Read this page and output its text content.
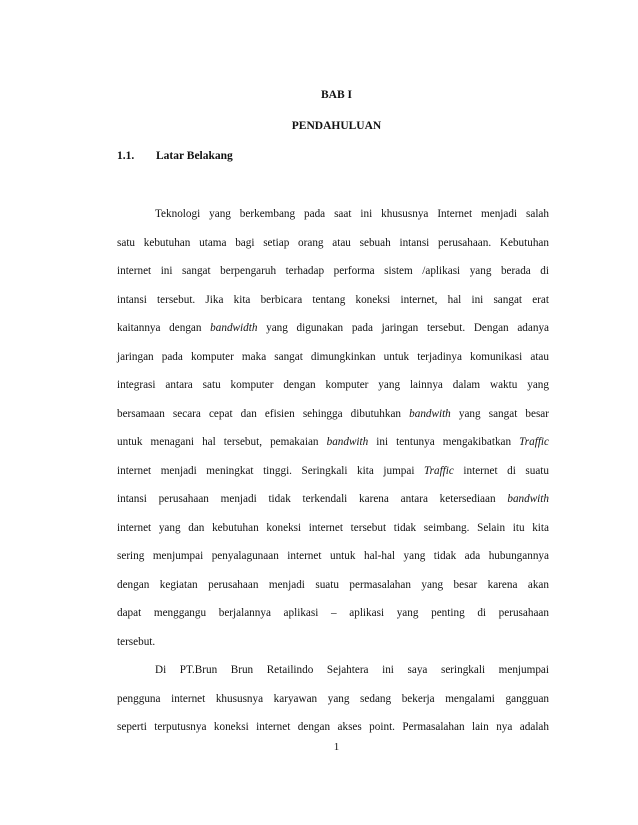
BAB I
PENDAHULUAN
1.1. Latar Belakang
Teknologi yang berkembang pada saat ini khususnya Internet menjadi salah
satu kebutuhan utama bagi setiap orang atau sebuah intansi perusahaan. Kebutuhan
internet ini sangat berpengaruh terhadap performa sistem /aplikasi yang berada di
intansi tersebut. Jika kita berbicara tentang koneksi internet, hal ini sangat erat
kaitannya dengan bandwidth yang digunakan pada jaringan tersebut. Dengan adanya
jaringan pada komputer maka sangat dimungkinkan untuk terjadinya komunikasi atau
integrasi antara satu komputer dengan komputer yang lainnya dalam waktu yang
bersamaan secara cepat dan efisien sehingga dibutuhkan bandwith yang sangat besar
untuk menagani hal tersebut, pemakaian bandwith ini tentunya mengakibatkan Traffic
internet menjadi meningkat tinggi. Seringkali kita jumpai Traffic internet di suatu
intansi perusahaan menjadi tidak terkendali karena antara ketersediaan bandwith
internet yang dan kebutuhan koneksi internet tersebut tidak seimbang. Selain itu kita
sering menjumpai penyalagunaan internet untuk hal-hal yang tidak ada hubungannya
dengan kegiatan perusahaan menjadi suatu permasalahan yang besar karena akan
dapat menggangu berjalannya aplikasi – aplikasi yang penting di perusahaan
tersebut.
Di PT.Brun Brun Retailindo Sejahtera ini saya seringkali menjumpai
pengguna internet khususnya karyawan yang sedang bekerja mengalami gangguan
seperti terputusnya koneksi internet dengan akses point. Permasalahan lain nya adalah
1
